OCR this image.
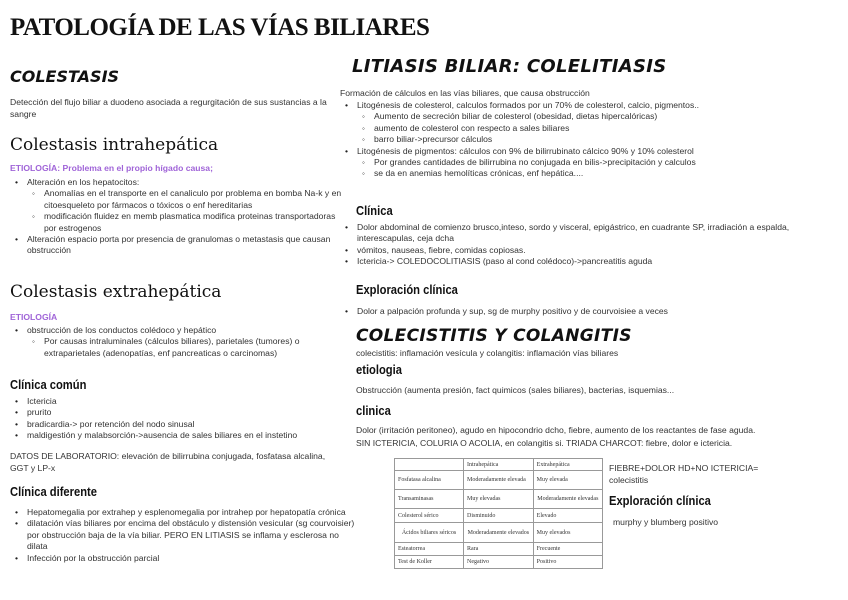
PATOLOGÍA DE LAS VÍAS BILIARES
COLESTASIS
Detección del flujo biliar a duodeno asociada a regurgitación de sus sustancias a la sangre
Colestasis intrahepática
ETIOLOGÍA: Problema en el propio hígado causa;
• Alteración en los hepatocitos:
◦ Anomalías en el transporte en el canaliculo por problema en bomba Na-k y en citoesqueleto por fármacos o tóxicos o enf hereditarias
◦ modificación fluidez en memb plasmatica modifica proteinas transportadoras por estrogenos
• Alteración espacio porta por presencia de granulomas o metastasis que causan obstrucción
Colestasis extrahepática
ETIOLOGÍA
• obstrucción de los conductos colédoco y hepático
◦ Por causas intraluminales (cálculos biliares), parietales (tumores) o extraparietales (adenopatías, enf pancreaticas o carcinomas)
Clínica común
• Ictericia
• prurito
• bradicardia-> por retención del nodo sinusal
• maldigestión y malabsorción->ausencia de sales biliares en el instetino
DATOS DE LABORATORIO: elevación de bilirrubina conjugada, fosfatasa alcalina, GGT y LP-x
Clínica diferente
• Hepatomegalia por extrahep y esplenomegalia por intrahep por hepatopatía crónica
• dilatación vías biliares por encima del obstáculo y distensión vesicular (sg courvoisier) por obstrucción baja de la vía biliar. PERO EN LITIASIS se inflama y esclerosa no dilata
• Infección por la obstrucción parcial
LITIASIS BILIAR: COLELITIASIS
Formación de cálculos en las vías biliares, que causa obstrucción
• Litogénesis de colesterol, calculos formados por un 70% de colesterol, calcio, pigmentos..
◦ Aumento de secreción biliar de colesterol (obesidad, dietas hipercalóricas)
◦ aumento de colesterol con respecto a sales biliares
◦ barro biliar->precursor cálculos
• Litogénesis de pigmentos: cálculos con 9% de bilirrubinato cálcico 90% y 10% colesterol
◦ Por grandes cantidades de bilirrubina no conjugada en bilis->precipitación y calculos
◦ se da en anemias hemolíticas crónicas, enf hepática....
Clínica
• Dolor abdominal de comienzo brusco,inteso, sordo y visceral, epigástrico, en cuadrante SP, irradiación a espalda, interescapulas, ceja dcha
• vómitos, nauseas, fiebre, comidas copiosas.
• Ictericia-> COLEDOCOLITIASIS (paso al cond colédoco)->pancreatitis aguda
Exploración clínica
• Dolor a palpación profunda y sup, sg de murphy positivo y de courvoisiee a veces
COLECISTITIS Y COLANGITIS
colecistitis: inflamación vesícula y colangitis: inflamación vías biliares
etiologia
Obstrucción (aumenta presión, fact quimicos (sales biliares), bacterias, isquemias...
clinica
Dolor (irritación peritoneo), agudo en hipocondrio dcho, fiebre, aumento de los reactantes de fase aguda.
SIN ICTERICIA, COLURIA O ACOLIA, en colangitis si. TRIADA CHARCOT: fiebre, dolor e ictericia.
	Intrahepática	Extrahepática
Fosfatasa alcalina	Moderadamente elevada	Muy elevada
Transaminasas	Muy elevadas	Moderadamente elevadas
Colesterol sérico	Disminuido	Elevado
Ácidos biliares séricos	Moderadamente elevados	Muy elevados
Esteatorrea	Rara	Frecuente
Test de Koller	Negativo	Positivo
FIEBRE+DOLOR HD+NO ICTERICIA=
colecistitis
Exploración clínica
murphy y blumberg positivo
